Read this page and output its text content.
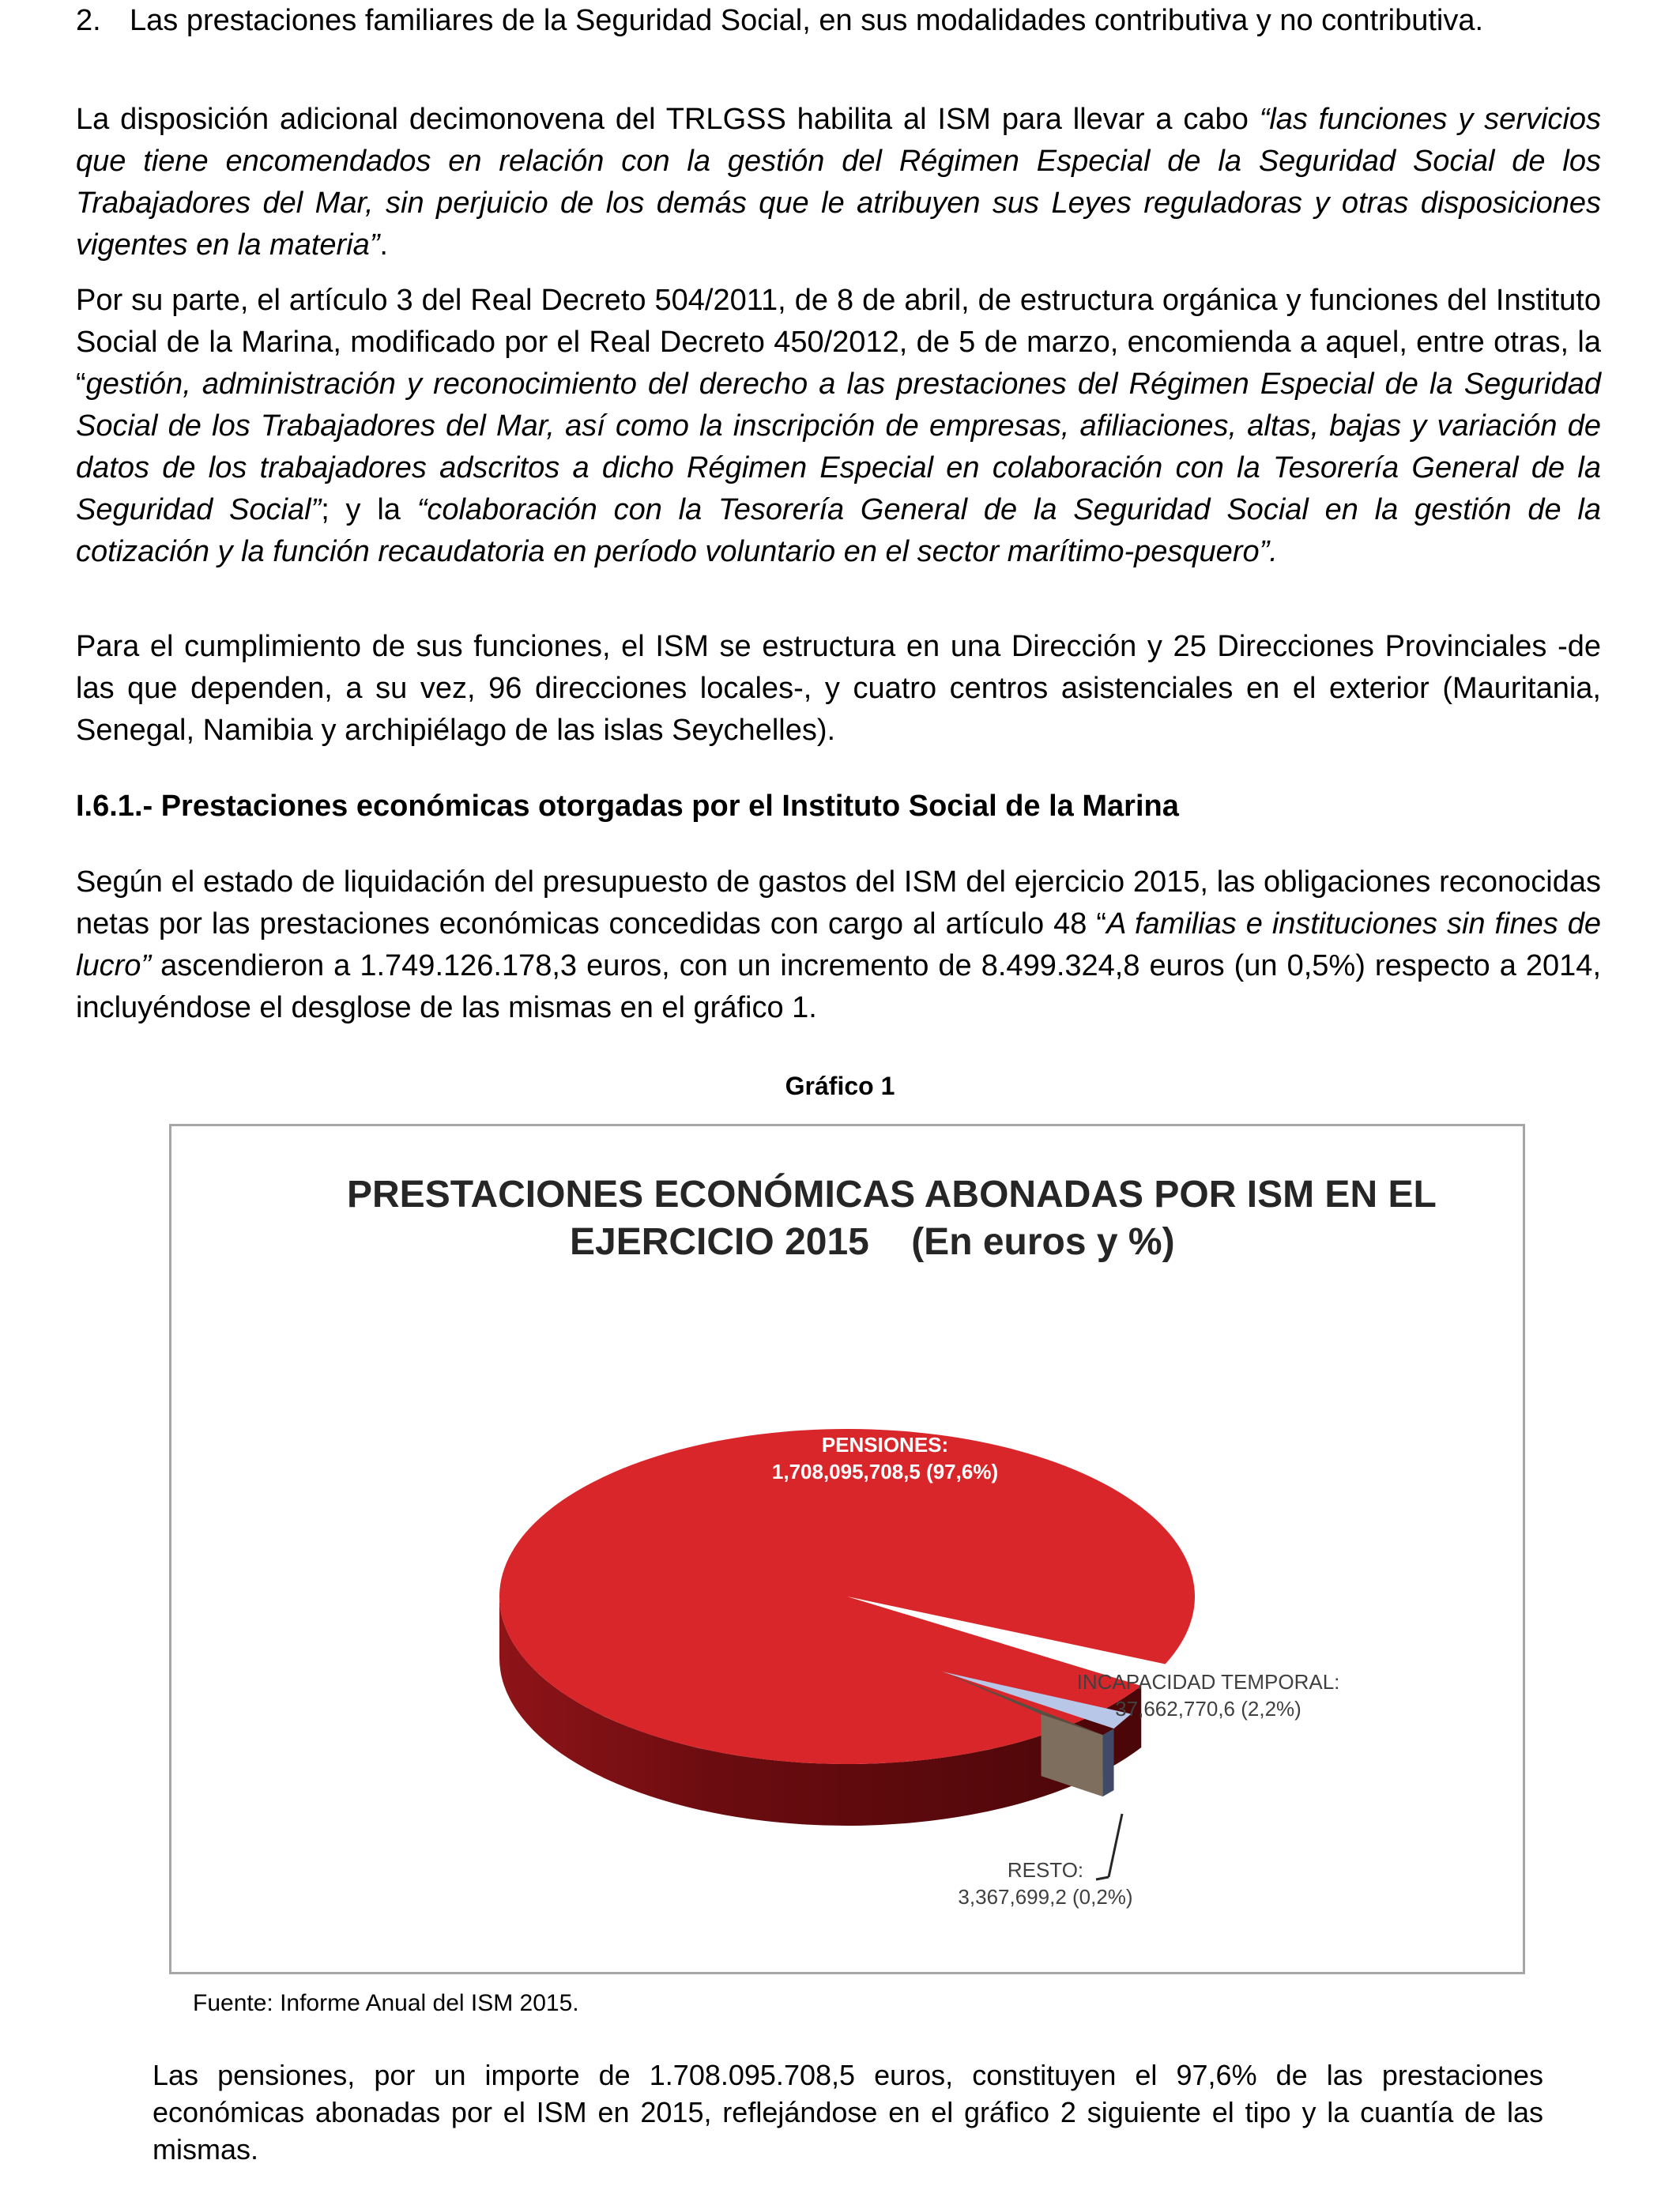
2. Las prestaciones familiares de la Seguridad Social, en sus modalidades contributiva y no contributiva.

La disposición adicional decimonovena del TRLGSS habilita al ISM para llevar a cabo “las funciones y servicios que tiene encomendados en relación con la gestión del Régimen Especial de la Seguridad Social de los Trabajadores del Mar, sin perjuicio de los demás que le atribuyen sus Leyes reguladoras y otras disposiciones vigentes en la materia”.

Por su parte, el artículo 3 del Real Decreto 504/2011, de 8 de abril, de estructura orgánica y funciones del Instituto Social de la Marina, modificado por el Real Decreto 450/2012, de 5 de marzo, encomienda a aquel, entre otras, la “gestión, administración y reconocimiento del derecho a las prestaciones del Régimen Especial de la Seguridad Social de los Trabajadores del Mar, así como la inscripción de empresas, afiliaciones, altas, bajas y variación de datos de los trabajadores adscritos a dicho Régimen Especial en colaboración con la Tesorería General de la Seguridad Social”; y la “colaboración con la Tesorería General de la Seguridad Social en la gestión de la cotización y la función recaudatoria en período voluntario en el sector marítimo-pesquero”.

Para el cumplimiento de sus funciones, el ISM se estructura en una Dirección y 25 Direcciones Provinciales -de las que dependen, a su vez, 96 direcciones locales-, y cuatro centros asistenciales en el exterior (Mauritania, Senegal, Namibia y archipiélago de las islas Seychelles).

I.6.1.- Prestaciones económicas otorgadas por el Instituto Social de la Marina

Según el estado de liquidación del presupuesto de gastos del ISM del ejercicio 2015, las obligaciones reconocidas netas por las prestaciones económicas concedidas con cargo al artículo 48 “A familias e instituciones sin fines de lucro” ascendieron a 1.749.126.178,3 euros, con un incremento de 8.499.324,8 euros (un 0,5%) respecto a 2014, incluyéndose el desglose de las mismas en el gráfico 1.

Gráfico 1

PRESTACIONES ECONÓMICAS ABONADAS POR ISM EN EL
EJERCICIO 2015    (En euros y %)
PENSIONES:
1,708,095,708,5 (97,6%)
INCAPACIDAD TEMPORAL:
37,662,770,6 (2,2%)
RESTO:
3,367,699,2 (0,2%)

Fuente: Informe Anual del ISM 2015.

Las pensiones, por un importe de 1.708.095.708,5 euros, constituyen el 97,6% de las prestaciones económicas abonadas por el ISM en 2015, reflejándose en el gráfico 2 siguiente el tipo y la cuantía de las mismas.
